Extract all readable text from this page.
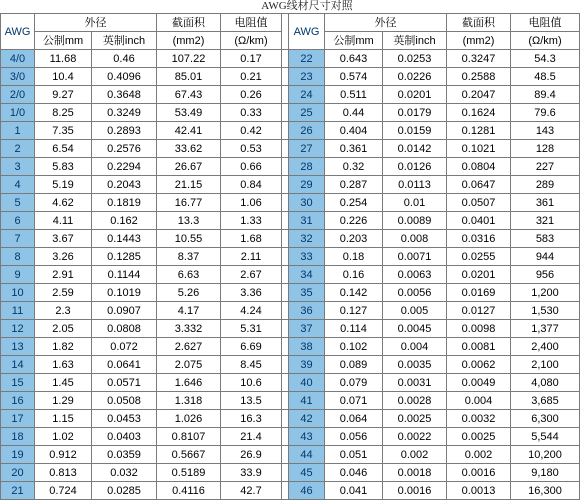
AWG线材尺寸对照
AWG	外径		截面积	电阻值		AWG	外径		截面积	电阻值
	公制mm	英制inch	(mm2)	(Ω/km)			公制mm	英制inch	(mm2)	(Ω/km)
4/0	11.68	0.46	107.22	0.17		22	0.643	0.0253	0.3247	54.3
3/0	10.4	0.4096	85.01	0.21		23	0.574	0.0226	0.2588	48.5
2/0	9.27	0.3648	67.43	0.26		24	0.511	0.0201	0.2047	89.4
1/0	8.25	0.3249	53.49	0.33		25	0.44	0.0179	0.1624	79.6
1	7.35	0.2893	42.41	0.42		26	0.404	0.0159	0.1281	143
2	6.54	0.2576	33.62	0.53		27	0.361	0.0142	0.1021	128
3	5.83	0.2294	26.67	0.66		28	0.32	0.0126	0.0804	227
4	5.19	0.2043	21.15	0.84		29	0.287	0.0113	0.0647	289
5	4.62	0.1819	16.77	1.06		30	0.254	0.01	0.0507	361
6	4.11	0.162	13.3	1.33		31	0.226	0.0089	0.0401	321
7	3.67	0.1443	10.55	1.68		32	0.203	0.008	0.0316	583
8	3.26	0.1285	8.37	2.11		33	0.18	0.0071	0.0255	944
9	2.91	0.1144	6.63	2.67		34	0.16	0.0063	0.0201	956
10	2.59	0.1019	5.26	3.36		35	0.142	0.0056	0.0169	1,200
11	2.3	0.0907	4.17	4.24		36	0.127	0.005	0.0127	1,530
12	2.05	0.0808	3.332	5.31		37	0.114	0.0045	0.0098	1,377
13	1.82	0.072	2.627	6.69		38	0.102	0.004	0.0081	2,400
14	1.63	0.0641	2.075	8.45		39	0.089	0.0035	0.0062	2,100
15	1.45	0.0571	1.646	10.6		40	0.079	0.0031	0.0049	4,080
16	1.29	0.0508	1.318	13.5		41	0.071	0.0028	0.004	3,685
17	1.15	0.0453	1.026	16.3		42	0.064	0.0025	0.0032	6,300
18	1.02	0.0403	0.8107	21.4		43	0.056	0.0022	0.0025	5,544
19	0.912	0.0359	0.5667	26.9		44	0.051	0.002	0.002	10,200
20	0.813	0.032	0.5189	33.9		45	0.046	0.0018	0.0016	9,180
21	0.724	0.0285	0.4116	42.7		46	0.041	0.0016	0.0013	16,300
